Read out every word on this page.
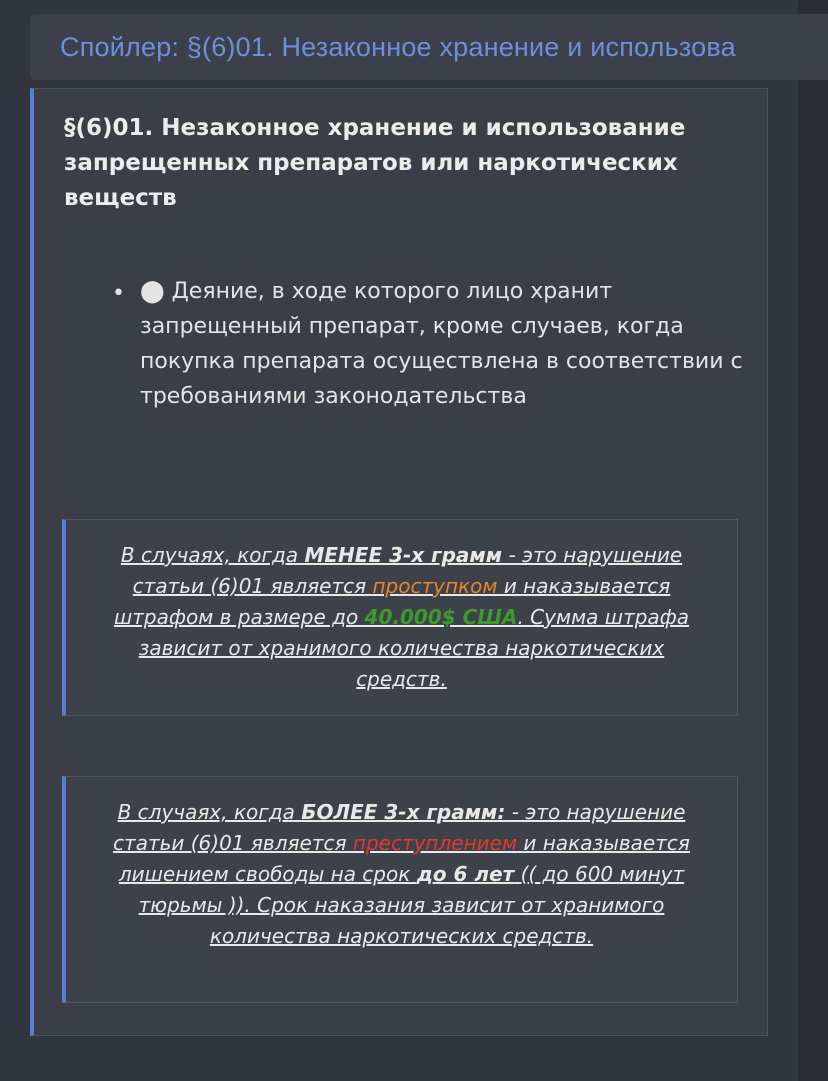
Спойлер: §(6)01. Незаконное хранение и использова
§(6)01. Незаконное хранение и использование запрещенных препаратов или наркотических веществ
• ⬤ Деяние, в ходе которого лицо хранит запрещенный препарат, кроме случаев, когда покупка препарата осуществлена в соответствии с требованиями законодательства
В случаях, когда МЕНЕЕ 3-х грамм - это нарушение статьи (6)01 является проступком и наказывается штрафом в размере до 40.000$ США. Сумма штрафа зависит от хранимого количества наркотических средств.
В случаях, когда БОЛЕЕ 3-х грамм: - это нарушение статьи (6)01 является преступлением и наказывается лишением свободы на срок до 6 лет (( до 600 минут тюрьмы )). Срок наказания зависит от хранимого количества наркотических средств.
